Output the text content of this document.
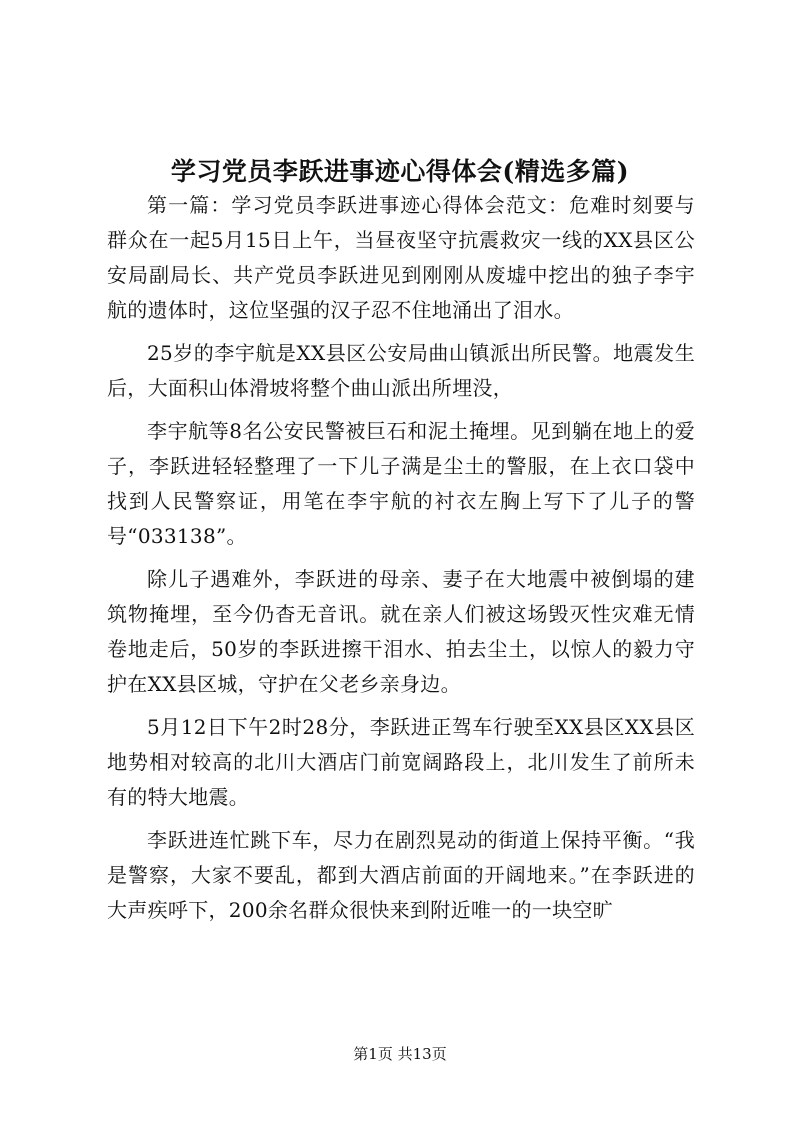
学习党员李跃进事迹心得体会(精选多篇)

第一篇：学习党员李跃进事迹心得体会范文：危难时刻要与群众在一起5月15日上午，当昼夜坚守抗震救灾一线的XX县区公安局副局长、共产党员李跃进见到刚刚从废墟中挖出的独子李宇航的遗体时，这位坚强的汉子忍不住地涌出了泪水。

25岁的李宇航是XX县区公安局曲山镇派出所民警。地震发生后，大面积山体滑坡将整个曲山派出所埋没，

李宇航等8名公安民警被巨石和泥土掩埋。见到躺在地上的爱子，李跃进轻轻整理了一下儿子满是尘土的警服，在上衣口袋中找到人民警察证，用笔在李宇航的衬衣左胸上写下了儿子的警号“033138”。

除儿子遇难外，李跃进的母亲、妻子在大地震中被倒塌的建筑物掩埋，至今仍杳无音讯。就在亲人们被这场毁灭性灾难无情卷地走后，50岁的李跃进擦干泪水、拍去尘土，以惊人的毅力守护在XX县区城，守护在父老乡亲身边。

5月12日下午2时28分，李跃进正驾车行驶至XX县区XX县区地势相对较高的北川大酒店门前宽阔路段上，北川发生了前所未有的特大地震。

李跃进连忙跳下车，尽力在剧烈晃动的街道上保持平衡。“我是警察，大家不要乱，都到大酒店前面的开阔地来。”在李跃进的大声疾呼下，200余名群众很快来到附近唯一的一块空旷

第1页 共13页
